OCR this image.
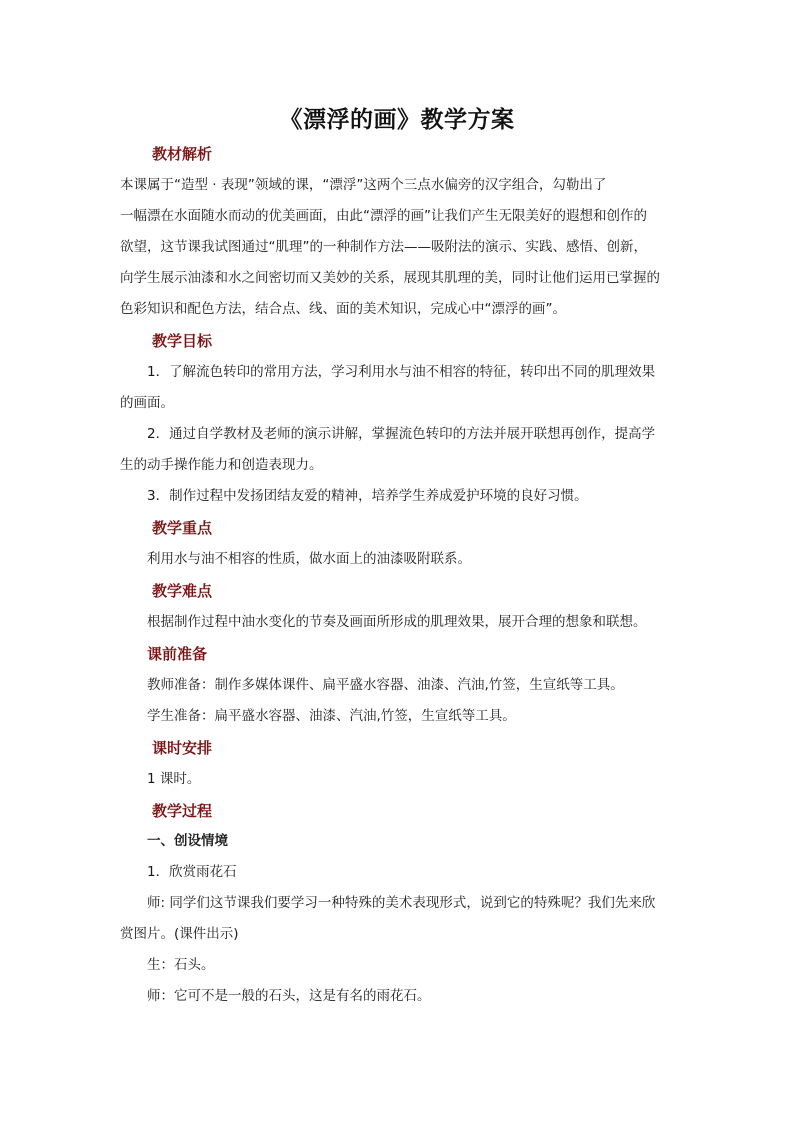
《漂浮的画》教学方案
教材解析
本课属于“造型 · 表现”领域的课，“漂浮”这两个三点水偏旁的汉字组合，勾勒出了
一幅漂在水面随水而动的优美画面，由此“漂浮的画”让我们产生无限美好的遐想和创作的
欲望，这节课我试图通过“肌理”的一种制作方法——吸附法的演示、实践、感悟、创新，
向学生展示油漆和水之间密切而又美妙的关系，展现其肌理的美，同时让他们运用已掌握的
色彩知识和配色方法，结合点、线、面的美术知识，完成心中“漂浮的画”。
教学目标
1．了解流色转印的常用方法，学习利用水与油不相容的特征，转印出不同的肌理效果
的画面。
2．通过自学教材及老师的演示讲解，掌握流色转印的方法并展开联想再创作，提高学
生的动手操作能力和创造表现力。
3．制作过程中发扬团结友爱的精神，培养学生养成爱护环境的良好习惯。
教学重点
利用水与油不相容的性质，做水面上的油漆吸附联系。
教学难点
根据制作过程中油水变化的节奏及画面所形成的肌理效果，展开合理的想象和联想。
课前准备
教师准备：制作多媒体课件、扁平盛水容器、油漆、汽油,竹签，生宣纸等工具。
学生准备：扁平盛水容器、油漆、汽油,竹签，生宣纸等工具。
课时安排
1 课时。
教学过程
一、创设情境
1．欣赏雨花石
师: 同学们这节课我们要学习一种特殊的美术表现形式，说到它的特殊呢？我们先来欣
赏图片。(课件出示)
生：石头。
师：它可不是一般的石头，这是有名的雨花石。
